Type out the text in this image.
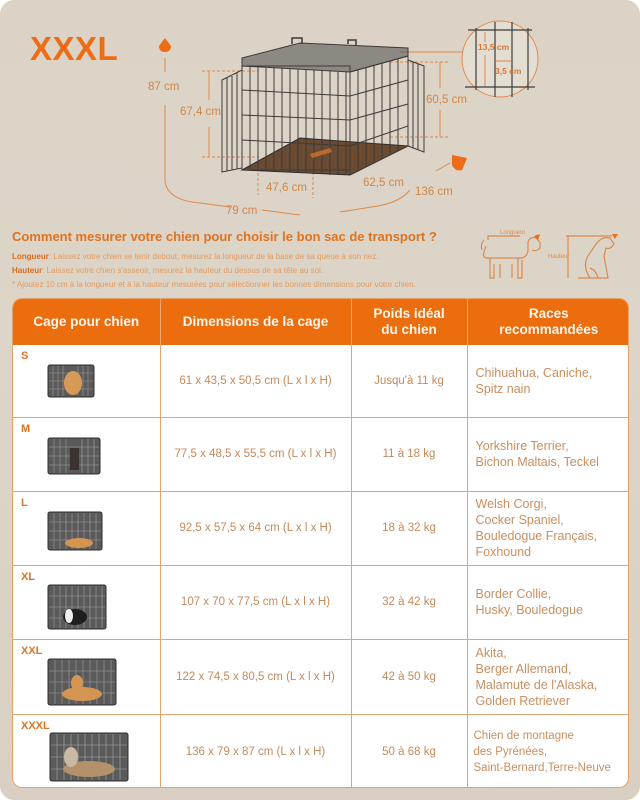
XXXL
87 cm
67,4 cm
60,5 cm
47,6 cm	62,5 cm
79 cm
136 cm
13,5 cm
3,5 cm
Comment mesurer votre chien pour choisir le bon sac de transport ?
Longueur: Laissez votre chien se tenir debout, mesurez la longueur de la base de sa queue à son nez.
Hauteur: Laissez votre chien s'asseoir, mesurez la hauteur du dessus de sa tête au sol.
* Ajoutez 10 cm à la longueur et à la hauteur mesurées pour sélectionner les bonnes dimensions pour votre chien.
Longueur
Hauteur
Cage pour chien	Dimensions de la cage	Poids idéal du chien	Races recommandées

S	61 x 43,5 x 50,5 cm (L x l x H)	Jusqu'à 11 kg	Chihuahua, Caniche,
Spitz nain

M	77,5 x 48,5 x 55,5 cm (L x l x H)	11 à 18 kg	Yorkshire Terrier,
Bichon Maltais, Teckel

L	92,5 x 57,5 x 64 cm (L x l x H)	18 à 32 kg	Welsh Corgi,
Cocker Spaniel,
Bouledogue Français,
Foxhound

XL	107 x 70 x 77,5 cm (L x l x H)	32 à 42 kg	Border Collie,
Husky, Bouledogue

XXL	122 x 74,5 x 80,5 cm (L x l x H)	42 à 50 kg	Akita,
Berger Allemand,
Malamute de l'Alaska,
Golden Retriever

XXXL	136 x 79 x 87 cm (L x l x H)	50 à 68 kg	Chien de montagne
des Pyrénées,
Saint-Bernard,Terre-Neuve
